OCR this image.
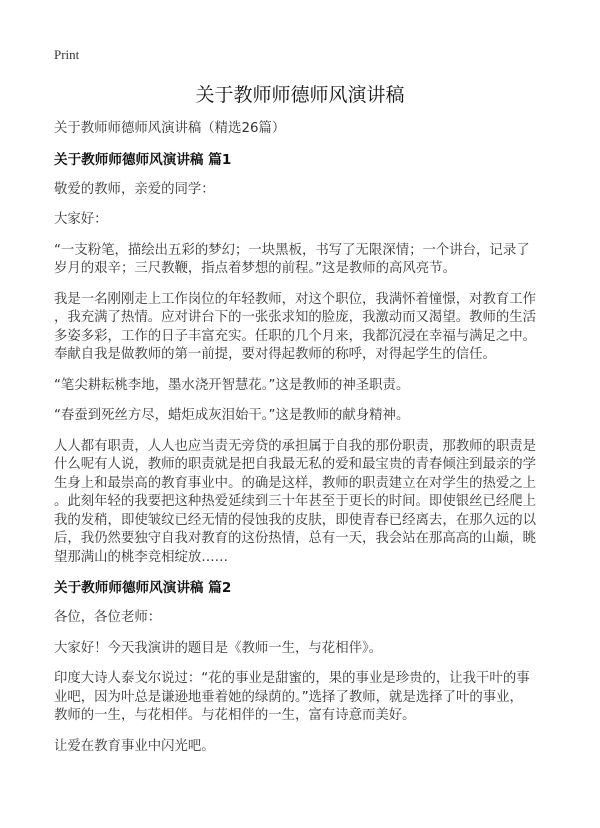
Print
关于教师师德师风演讲稿
关于教师师德师风演讲稿（精选26篇）
关于教师师德师风演讲稿 篇1
敬爱的教师，亲爱的同学：
大家好：
“一支粉笔，描绘出五彩的梦幻；一块黑板，书写了无限深情；一个讲台，记录了
岁月的艰辛；三尺教鞭，指点着梦想的前程。”这是教师的高风亮节。
我是一名刚刚走上工作岗位的年轻教师，对这个职位，我满怀着憧憬，对教育工作
，我充满了热情。应对讲台下的一张张求知的脸庞，我激动而又渴望。教师的生活
多姿多彩，工作的日子丰富充实。任职的几个月来，我都沉浸在幸福与满足之中。
奉献自我是做教师的第一前提，要对得起教师的称呼，对得起学生的信任。
“笔尖耕耘桃李地，墨水浇开智慧花。”这是教师的神圣职责。
“春蚕到死丝方尽，蜡炬成灰泪始干。”这是教师的献身精神。
人人都有职责，人人也应当责无旁贷的承担属于自我的那份职责，那教师的职责是
什么呢有人说，教师的职责就是把自我最无私的爱和最宝贵的青春倾注到最亲的学
生身上和最崇高的教育事业中。的确是这样，教师的职责建立在对学生的热爱之上
。此刻年轻的我要把这种热爱延续到三十年甚至于更长的时间。即使银丝已经爬上
我的发稍，即使皱纹已经无情的侵蚀我的皮肤，即使青春已经离去，在那久远的以
后，我仍然要独守自我对教育的这份热情，总有一天，我会站在那高高的山巅，眺
望那满山的桃李竞相绽放……
关于教师师德师风演讲稿 篇2
各位，各位老师：
大家好！今天我演讲的题目是《教师一生，与花相伴》。
印度大诗人泰戈尔说过：“花的事业是甜蜜的，果的事业是珍贵的，让我干叶的事
业吧，因为叶总是谦逊地垂着她的绿荫的。”选择了教师，就是选择了叶的事业，
教师的一生，与花相伴。与花相伴的一生，富有诗意而美好。
让爱在教育事业中闪光吧。
